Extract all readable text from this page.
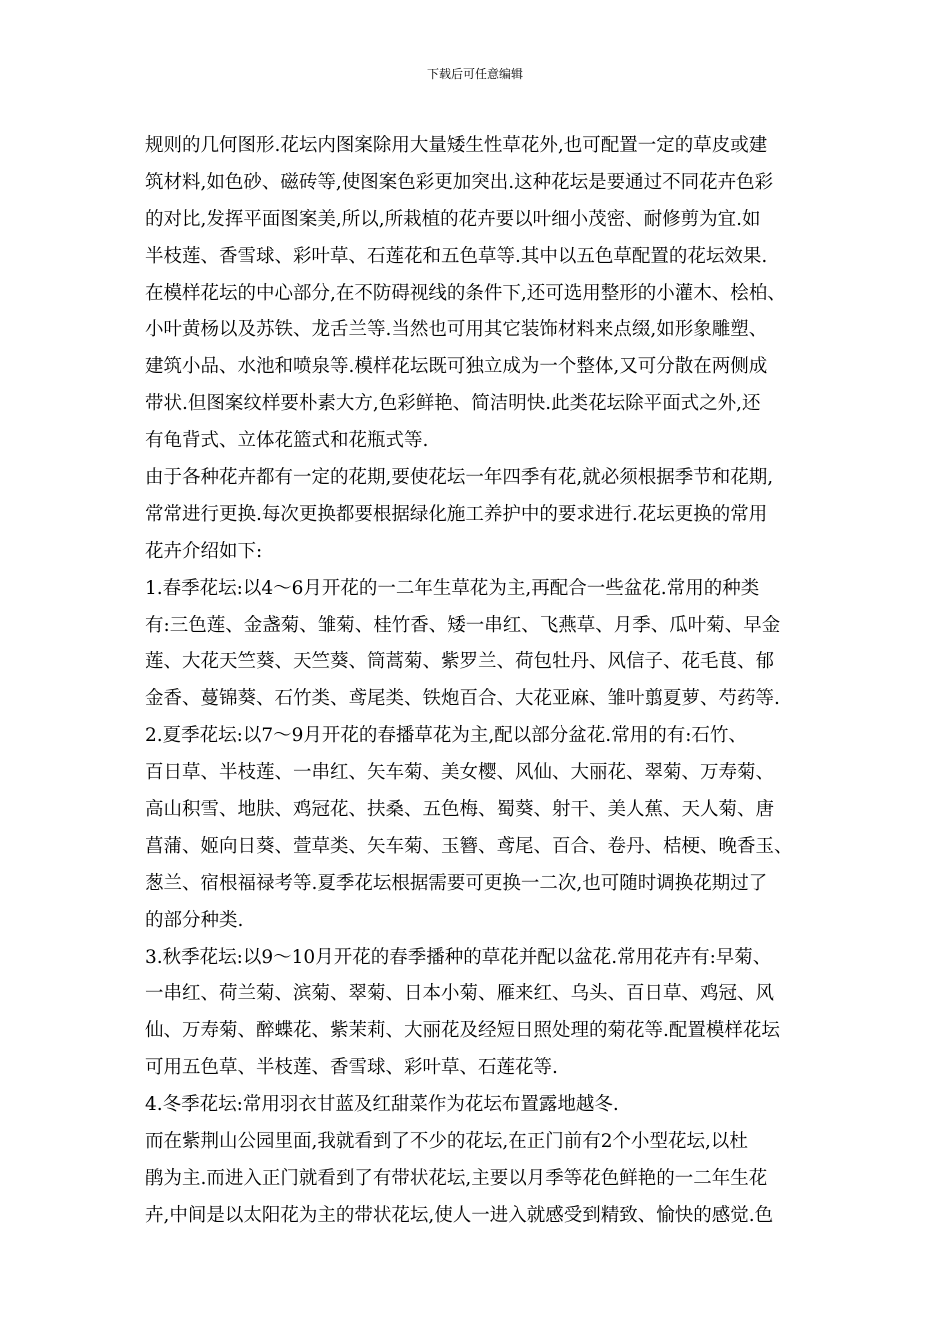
下载后可任意编辑
规则的几何图形.花坛内图案除用大量矮生性草花外,也可配置一定的草皮或建
筑材料,如色砂、磁砖等,使图案色彩更加突出.这种花坛是要通过不同花卉色彩
的对比,发挥平面图案美,所以,所栽植的花卉要以叶细小茂密、耐修剪为宜.如
半枝莲、香雪球、彩叶草、石莲花和五色草等.其中以五色草配置的花坛效果.
在模样花坛的中心部分,在不防碍视线的条件下,还可选用整形的小灌木、桧柏、
小叶黄杨以及苏铁、龙舌兰等.当然也可用其它装饰材料来点缀,如形象雕塑、
建筑小品、水池和喷泉等.模样花坛既可独立成为一个整体,又可分散在两侧成
带状.但图案纹样要朴素大方,色彩鲜艳、简洁明快.此类花坛除平面式之外,还
有龟背式、立体花篮式和花瓶式等.
由于各种花卉都有一定的花期,要使花坛一年四季有花,就必须根据季节和花期,
常常进行更换.每次更换都要根据绿化施工养护中的要求进行.花坛更换的常用
花卉介绍如下:
1.春季花坛:以4～6月开花的一二年生草花为主,再配合一些盆花.常用的种类
有:三色莲、金盏菊、雏菊、桂竹香、矮一串红、飞燕草、月季、瓜叶菊、早金
莲、大花天竺葵、天竺葵、筒蒿菊、紫罗兰、荷包牡丹、风信子、花毛茛、郁
金香、蔓锦葵、石竹类、鸢尾类、铁炮百合、大花亚麻、雏叶翦夏萝、芍药等.
2.夏季花坛:以7～9月开花的春播草花为主,配以部分盆花.常用的有:石竹、
百日草、半枝莲、一串红、矢车菊、美女樱、风仙、大丽花、翠菊、万寿菊、
高山积雪、地肤、鸡冠花、扶桑、五色梅、蜀葵、射干、美人蕉、天人菊、唐
菖蒲、姬向日葵、萱草类、矢车菊、玉簪、鸢尾、百合、卷丹、桔梗、晚香玉、
葱兰、宿根福禄考等.夏季花坛根据需要可更换一二次,也可随时调换花期过了
的部分种类.
3.秋季花坛:以9～10月开花的春季播种的草花并配以盆花.常用花卉有:早菊、
一串红、荷兰菊、滨菊、翠菊、日本小菊、雁来红、乌头、百日草、鸡冠、风
仙、万寿菊、醉蝶花、紫茉莉、大丽花及经短日照处理的菊花等.配置模样花坛
可用五色草、半枝莲、香雪球、彩叶草、石莲花等.
4.冬季花坛:常用羽衣甘蓝及红甜菜作为花坛布置露地越冬.
而在紫荆山公园里面,我就看到了不少的花坛,在正门前有2个小型花坛,以杜
鹃为主.而进入正门就看到了有带状花坛,主要以月季等花色鲜艳的一二年生花
卉,中间是以太阳花为主的带状花坛,使人一进入就感受到精致、愉快的感觉.色
